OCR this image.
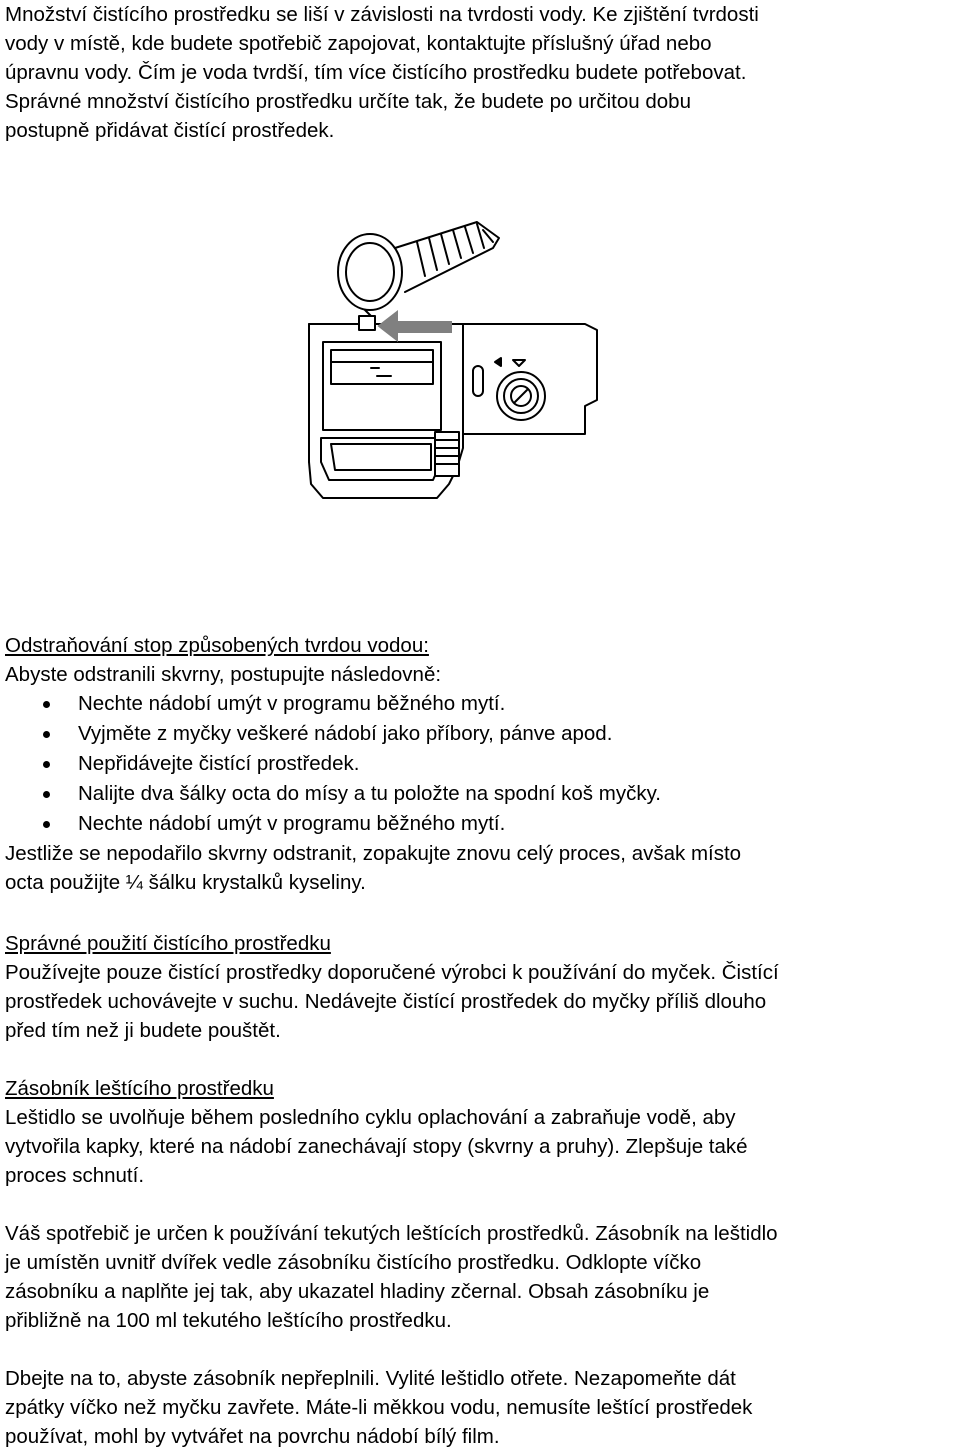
Množství čistícího prostředku se liší v závislosti na tvrdosti vody. Ke zjištění tvrdosti

vody v místě, kde budete spotřebič zapojovat, kontaktujte příslušný úřad nebo

úpravnu vody. Čím je voda tvrdší, tím více čistícího prostředku budete potřebovat.

Správné množství čistícího prostředku určíte tak, že budete po určitou dobu

postupně přidávat čistící prostředek.

Odstraňování stop způsobených tvrdou vodou:

Abyste odstranili skvrny, postupujte následovně:

Nechte nádobí umýt v programu běžného mytí.
Vyjměte z myčky veškeré nádobí jako příbory, pánve apod.
Nepřidávejte čistící prostředek.
Nalijte dva šálky octa do mísy a tu položte na spodní koš myčky.
Nechte nádobí umýt v programu běžného mytí.

Jestliže se nepodařilo skvrny odstranit, zopakujte znovu celý proces, avšak místo

octa použijte ¼ šálku krystalků kyseliny.

Správné použití čistícího prostředku

Používejte pouze čistící prostředky doporučené výrobci k používání do myček. Čistící

prostředek uchovávejte v suchu. Nedávejte čistící prostředek do myčky příliš dlouho

před tím než ji budete pouštět.

Zásobník leštícího prostředku

Leštidlo se uvolňuje během posledního cyklu oplachování a zabraňuje vodě, aby

vytvořila kapky, které na nádobí zanechávají stopy (skvrny a pruhy). Zlepšuje také

proces schnutí.

Váš spotřebič je určen k používání tekutých leštících prostředků. Zásobník na leštidlo

je umístěn uvnitř dvířek vedle zásobníku čistícího prostředku. Odklopte víčko

zásobníku a naplňte jej tak, aby ukazatel hladiny zčernal. Obsah zásobníku je

přibližně na 100 ml tekutého leštícího prostředku.

Dbejte na to, abyste zásobník nepřeplnili. Vylité leštidlo otřete. Nezapomeňte dát

zpátky víčko než myčku zavřete. Máte-li měkkou vodu, nemusíte leštící prostředek

používat, mohl by vytvářet na povrchu nádobí bílý film.
